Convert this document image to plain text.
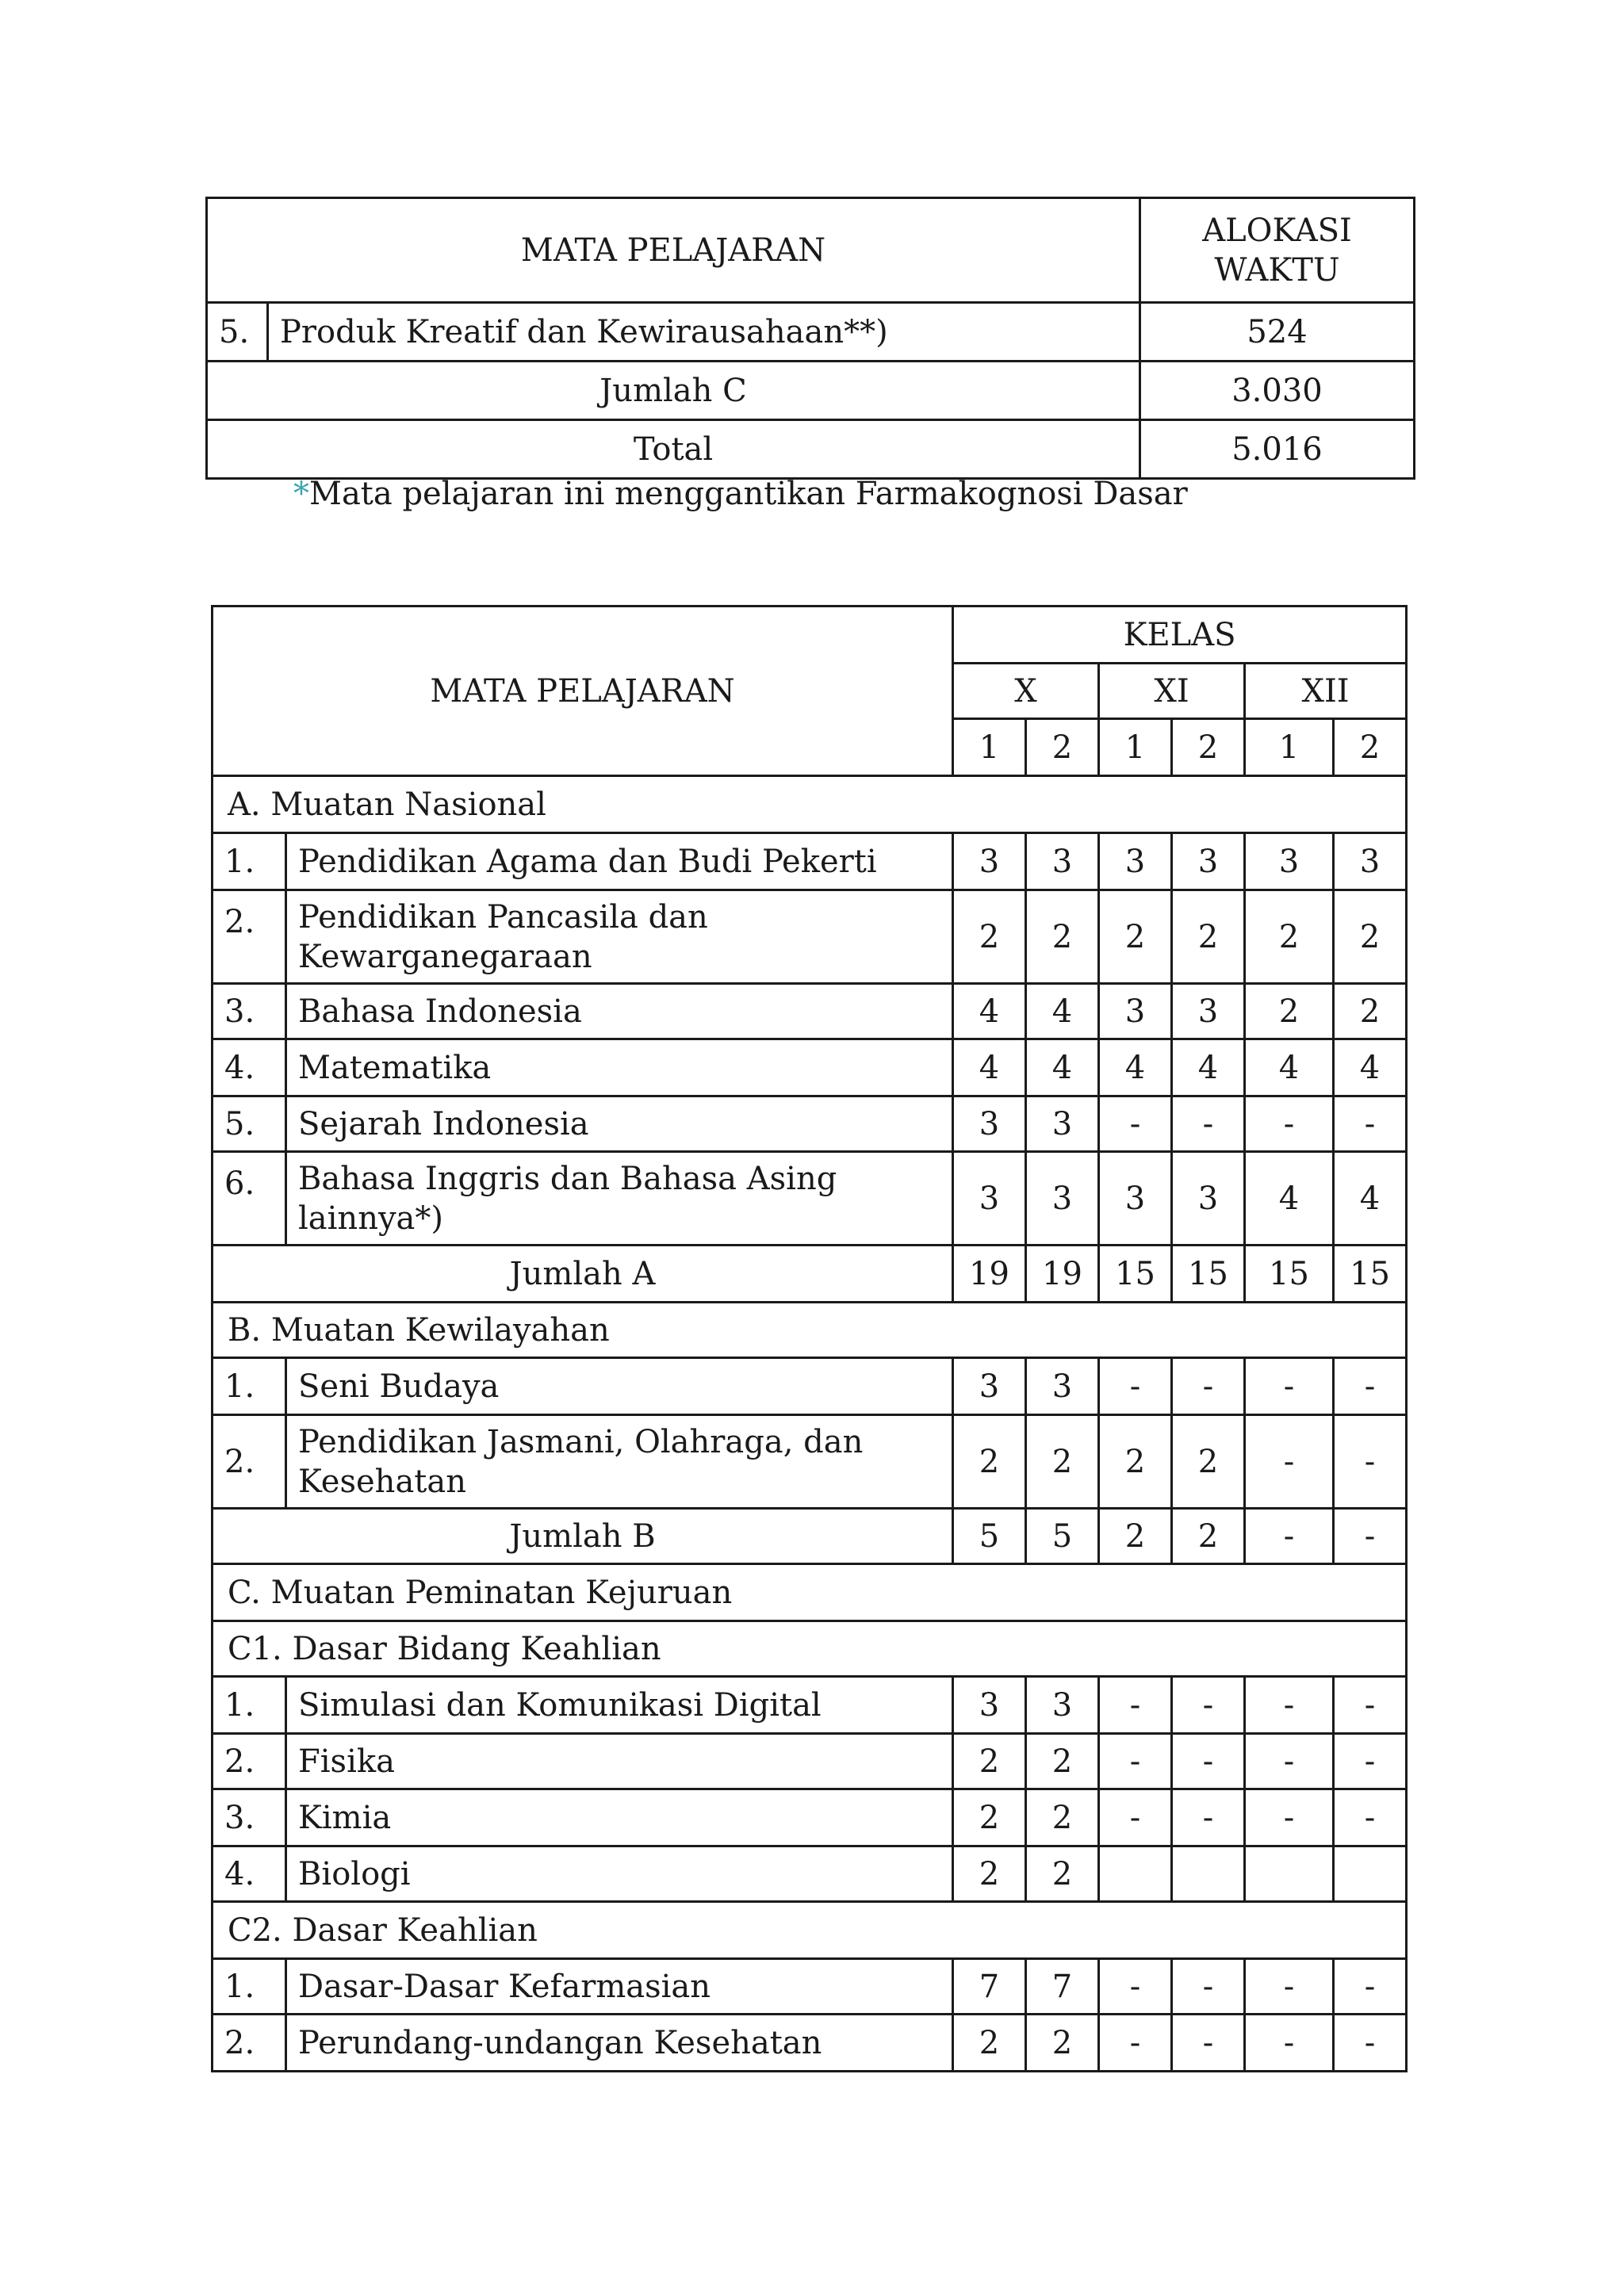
MATA PELAJARAN		ALOKASI
WAKTU
5.	Produk Kreatif dan Kewirausahaan**)	524
Jumlah C		3.030
Total		5.016
*Mata pelajaran ini menggantikan Farmakognosi Dasar
MATA PELAJARAN		KELAS					
		X		XI		XII	
		1	2	1	2	1	2
A. Muatan Nasional							
1.	Pendidikan Agama dan Budi Pekerti	3	3	3	3	3	3
2.	Pendidikan Pancasila dan
Kewarganegaraan	2	2	2	2	2	2
3.	Bahasa Indonesia	4	4	3	3	2	2
4.	Matematika	4	4	4	4	4	4
5.	Sejarah Indonesia	3	3	-	-	-	-
6.	Bahasa Inggris dan Bahasa Asing
lainnya*)	3	3	3	3	4	4
Jumlah A		19	19	15	15	15	15
B. Muatan Kewilayahan							
1.	Seni Budaya	3	3	-	-	-	-
2.	Pendidikan Jasmani, Olahraga, dan
Kesehatan	2	2	2	2	-	-
Jumlah B		5	5	2	2	-	-
C. Muatan Peminatan Kejuruan							
C1. Dasar Bidang Keahlian							
1.	Simulasi dan Komunikasi Digital	3	3	-	-	-	-
2.	Fisika	2	2	-	-	-	-
3.	Kimia	2	2	-	-	-	-
4.	Biologi	2	2				
C2. Dasar Keahlian							
1.	Dasar-Dasar Kefarmasian	7	7	-	-	-	-
2.	Perundang-undangan Kesehatan	2	2	-	-	-	-
